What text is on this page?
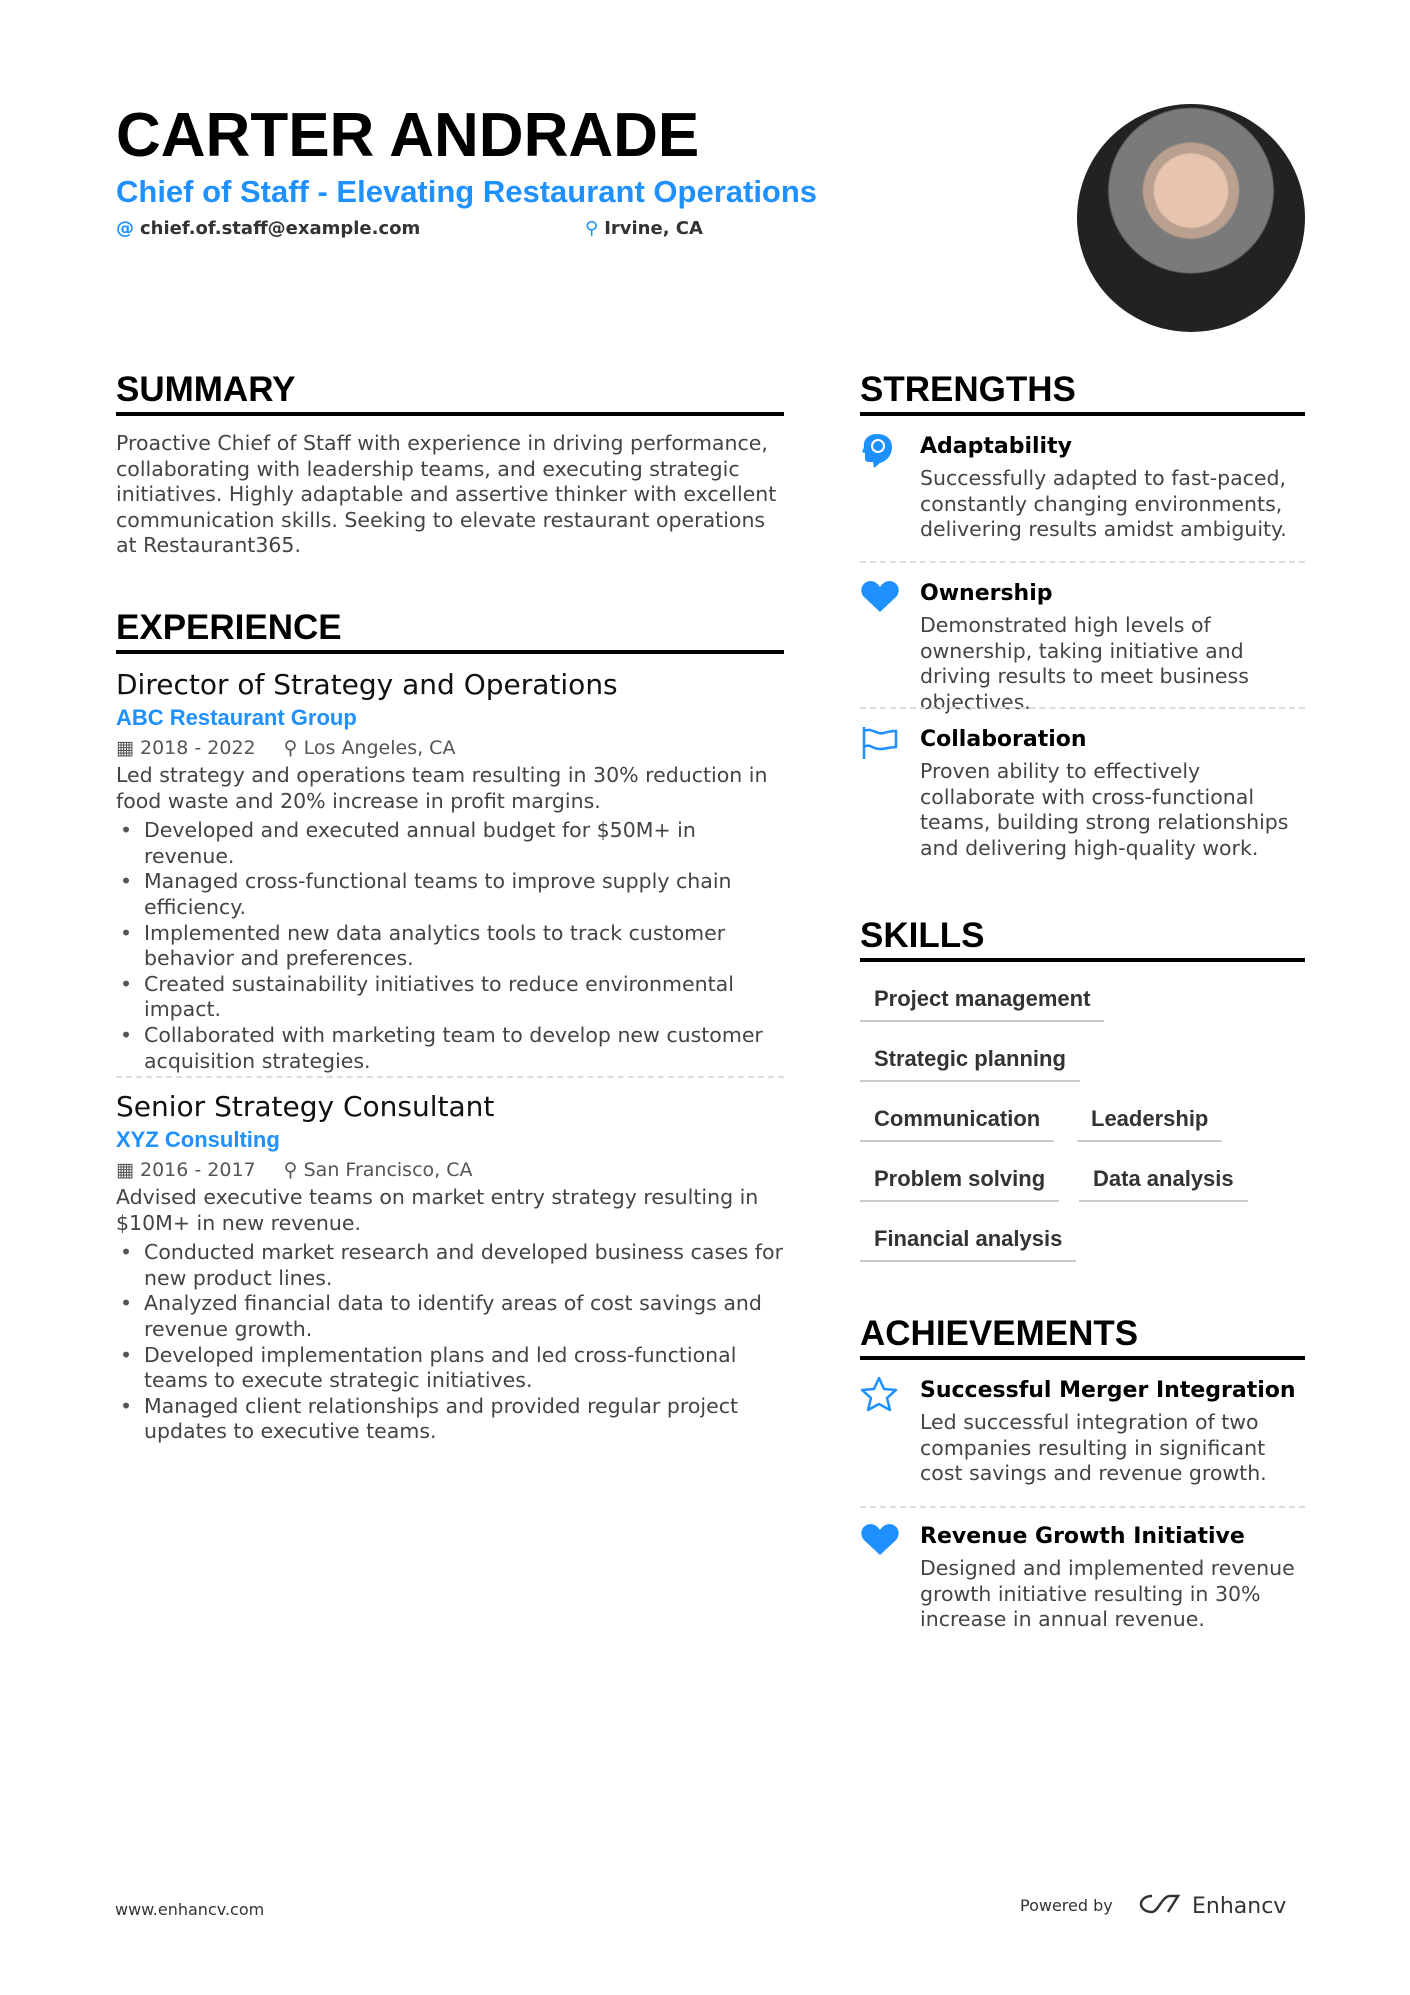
CARTER ANDRADE
Chief of Staff - Elevating Restaurant Operations
@ chief.of.staff@example.com	⚲ Irvine, CA
SUMMARY
Proactive Chief of Staff with experience in driving performance, collaborating with leadership teams, and executing strategic initiatives. Highly adaptable and assertive thinker with excellent communication skills. Seeking to elevate restaurant operations at Restaurant365.
EXPERIENCE
Director of Strategy and Operations
ABC Restaurant Group
▦ 2018 - 2022 ⚲ Los Angeles, CA
Led strategy and operations team resulting in 30% reduction in food waste and 20% increase in profit margins.
• Developed and executed annual budget for $50M+ in revenue.
• Managed cross-functional teams to improve supply chain efficiency.
• Implemented new data analytics tools to track customer behavior and preferences.
• Created sustainability initiatives to reduce environmental impact.
• Collaborated with marketing team to develop new customer acquisition strategies.
Senior Strategy Consultant
XYZ Consulting
▦ 2016 - 2017 ⚲ San Francisco, CA
Advised executive teams on market entry strategy resulting in $10M+ in new revenue.
• Conducted market research and developed business cases for new product lines.
• Analyzed financial data to identify areas of cost savings and revenue growth.
• Developed implementation plans and led cross-functional teams to execute strategic initiatives.
• Managed client relationships and provided regular project updates to executive teams.
STRENGTHS
Adaptability
Successfully adapted to fast-paced, constantly changing environments, delivering results amidst ambiguity.
Ownership
Demonstrated high levels of ownership, taking initiative and driving results to meet business objectives.
Collaboration
Proven ability to effectively collaborate with cross-functional teams, building strong relationships and delivering high-quality work.
SKILLS
Project management
Strategic planning
Communication	Leadership
Problem solving	Data analysis
Financial analysis
ACHIEVEMENTS
Successful Merger Integration
Led successful integration of two companies resulting in significant cost savings and revenue growth.
Revenue Growth Initiative
Designed and implemented revenue growth initiative resulting in 30% increase in annual revenue.
www.enhancv.com	Powered by	Enhancv
